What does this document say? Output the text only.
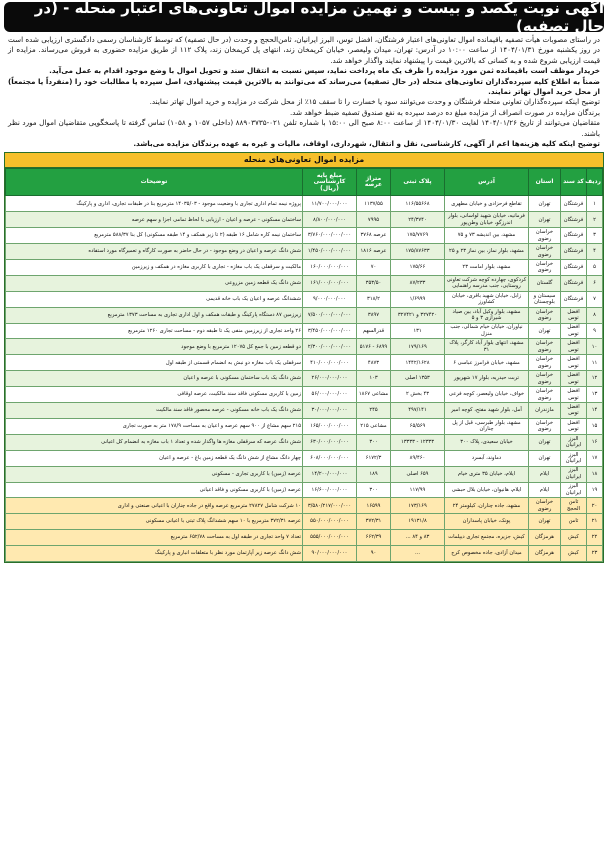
آگهی نوبت یکصد و بیست و نهمین مزایده اموال تعاونی‌های اعتبار منحله - (در حال تصفیه)

در راستای مصوبات هیأت تصفیه باقیمانده اموال تعاونی‌های اعتبار فرشتگان، افضل توس، البرز ایرانیان، ثامن‌الحجج و وحدت (در حال تصفیه) که توسط کارشناسان رسمی دادگستری ارزیابی شده است در روز یکشنبه مورخ ۱۴۰۴/۰۱/۳۱ از ساعت ۱۰:۰۰ در آدرس: تهران، میدان ولیعصر، خیابان کریمخان زند، انتهای پل کریمخان زند، پلاک ۱۱۲ از طریق مزایده حضوری به فروش می‌رساند. مزایده از قیمت ارزیابی شروع شده و به کسانی که بالاترین قیمت را پیشنهاد نمایند واگذار خواهد شد.

خریدار موظف است باقیمانده ثمن مورد مزایده را ظرف یک ماه پرداخت نماید، سپس نسبت به انتقال سند و تحویل اموال با وضع موجود اقدام به عمل می‌آید.

ضمناً به اطلاع کلیه سپرده‌گذاران تعاونی‌های منحله (در حال تصفیه) می‌رساند که می‌توانند به بالاترین قیمت پیشنهادی، اصل سپرده یا مطالبات خود را (منفرداً یا مجتمعاً) از محل خرید اموال تهاتر نمایند.

توضیح اینکه سپرده‌گذاران تعاونی منحله فرشتگان و وحدت می‌توانند سود یا خسارت را تا سقف ۱۵٪ از محل شرکت در مزایده و خرید اموال تهاتر نمایند.

برندگان مزایده در صورت انصراف از مزایده مبلغ ده درصد سپرده به نفع صندوق تصفیه ضبط خواهد شد.

متقاضیان می‌توانند از تاریخ ۱۴۰۴/۰۱/۲۶ لغایت ۱۴۰۴/۰۱/۳۰ از ساعت ۸:۰۰ صبح الی ۱۵:۰۰ با شماره تلفن ۰۲۱-۸۸۹۰۳۷۳۵ (داخلی ۱۰۵۷ و ۱۰۵۸) تماس گرفته تا پاسخگویی متقاضیان اموال مورد نظر باشند.

توضیح اینکه کلیه هزینه‌ها اعم از آگهی، کارشناسی، نقل و انتقال، شهرداری، اوقاف، مالیات و غیره به عهده برندگان مزایده می‌باشد.

مزایده اموال تعاونی‌های منحله
ردیف	کد سند	استان	آدرس	پلاک ثبتی	متراژ عرصه	مبلغ پایه کارشناسی (ریال)	توضیحات
۱	فرشتگان	تهران	تقاطع فرحزادی و خیابان مطهری	۱۱۶/۵۵۶۶۸	۱۱۳۷/۵۵	۱۱/۷۰۰/۰۰۰/۰۰۰	پروژه نیمه تمام اداری تجاری با وضعیت موجود - ۱۴۰۳۵/۰۳ مترمربع بنا در طبقات تجاری، اداری و پارکینگ
۲	فرشتگان	تهران	فرمانیه، خیابان شهید لواسانی، بلوار اندرزگو، خیابان وطن‌پور	۲۴/۳۷۴۰	۷۹۹۵	۸/۸۰۰/۰۰۰/۰۰۰	ساختمان مسکونی - عرصه و اعیان - ارزیابی با لحاظ تمامی اجزا و سهم عرصه
۳	فرشتگان	خراسان رضوی	مشهد، بین اندیشه ۷۳ و ۷۵	۱۷۵/۷۷۶۹	عرصه ۳۷۶۸	۳/۷۶۰/۰۰۰/۰۰۰/۰۰۰	ساختمان نیمه کاره شامل ۱۶ طبقه (۲ تا زیر همکف و ۱۴ طبقه مسکونی) کل بنا ۵۸۸/۳۷ مترمربع
۴	فرشتگان	خراسان رضوی	مشهد، بلوار نماز، بین نماز ۲۳ و ۲۵	۱۷۵/۸۷۶۳۳	عرصه ۱۸۱۶	۱/۴۵۰/۰۰۰/۰۰۰/۰۰۰	شش دانگ عرصه و اعیان در وضع موجود - در حال حاضر به صورت کارگاه و تعمیرگاه مورد استفاده
۵	فرشتگان	خراسان رضوی	مشهد، بلوار امامت ۲۳	۱۷۵/۶۶	۷۰	۱۶۰/۰۰۰/۰۰۰/۰۰۰	مالکیت و سرقفلی یک باب مغازه - تجاری با کاربری مغازه در همکف و زیرزمین
۶	فرشتگان	گلستان	کردکوی، چهارده کوچه شرکت تعاونی روستایی، جنب مدرسه راهنمایی	۸۷/۲۳۳	۳۵۳/۵۰	۱۶۱/۰۰۰/۰۰۰/۰۰۰	شش دانگ یک قطعه زمین مزروعی
۷	فرشتگان	سیستان و بلوچستان	زابل، خیابان شهید باقری، خیابان کشاورز	۱/۶۹۹۹	۳۱۸/۲	۹/۰۰۰/۰۰۰/۰۰۰	ششدانگ عرصه و اعیان یک باب خانه قدیمی
۸	افضل توس	خراسان رضوی	مشهد، بلوار وکیل آباد، بین صیاد شیرازی ۳ و ۵	۳۲۷۴۲۰ و ۳۲۷۴۲۱	۳۸۹۷	۷/۵۰۰/۰۰۰/۰۰۰/۰۰۰	زیرزمین ۸۷ دستگاه پارکینگ و طبقات همکف و اول اداری تجاری به مساحت ۱۳۷۳ مترمربع
۹	افضل توس	تهران	نیاوران، خیابان خیام شمالی، جنب منزل	۱۳۱	قدرالسهم	۳/۴۵۰/۰۰۰/۰۰۰/۰۰۰	۲۶ واحد تجاری از زیرزمین منفی یک تا طبقه دوم - مساحت تجاری ۱۲۶۰ مترمربع
۱۰	افضل توس	خراسان رضوی	مشهد، انتهای بلوار آباد کارگر، پلاک ۳۱	۱۷۹/۱۶۹	۶۸۹۹ - ۵۱۷۶	۲/۳۰۰/۰۰۰/۰۰۰/۰۰۰	دو قطعه زمین با جمع کل ۱۲۰۷۵ مترمربع با وضع موجود
۱۱	افضل توس	خراسان رضوی	مشهد، خیابان فرامرز عباسی ۶	۱۴۴۲/۱۶۲۸	۴۸۷۳	۴۱۰/۰۰۰/۰۰۰/۰۰۰	سرقفلی یک باب مغازه دو نبش به انضمام قسمتی از طبقه اول
۱۲	افضل توس	خراسان رضوی	تربت حیدریه، بلوار ۱۷ شهریور	۱۳۵۳ اصلی	۱۰۳	۲۶/۰۰۰/۰۰۰/۰۰۰	شش دانگ یک باب ساختمان مسکونی با عرصه و اعیان
۱۳	افضل توس	خراسان رضوی	خواف، خیابان ولیعصر، کوچه فرعی	۴۳ بخش ۲	مشاعی ۱۸۶۷	۵۶/۰۰۰/۰۰۰/۰۰۰	زمین با کاربری مسکونی فاقد سند مالکیت، عرصه اوقافی
۱۴	افضل توس	مازندران	آمل، بلوار شهید مفتح، کوچه امیر	۴۹۷/۱۴۱	۲۴۵	۳۰/۰۰۰/۰۰۰/۰۰۰	شش دانگ یک باب خانه مسکونی - عرصه محصور فاقد سند مالکیت
۱۵	افضل توس	خراسان رضوی	مشهد، بلوار طبرسی، قبل از پل چناران	۶۵/۵۶۹	مشاعی ۲۱۵	۱۶۵/۰۰۰/۰۰۰/۰۰۰	۲۱۵ سهم مشاع از ۹۰۰ سهم عرصه و اعیان به مساحت ۱۷۸/۹ متر به صورت تجاری
۱۶	البرز ایرانیان	تهران	خیابان سعیدی، پلاک ۳۰۰	۱۲۳۳۳ - ۱۳۳۳۳	۳۰۰	۶۳۰/۰۰۰/۰۰۰/۰۰۰	شش دانگ عرصه که سرقفلی مغازه ها واگذار شده و تعداد ۱ باب مغازه به انضمام کل اعیانی
۱۷	البرز ایرانیان	تهران	دماوند، آبسرد	۸۹/۴۶۰	۶۱۷۲/۳	۶۰۸/۰۰۰/۰۰۰/۰۰۰	چهار دانگ مشاع از شش دانگ یک قطعه زمین باغ - عرصه و اعیان
۱۸	البرز ایرانیان	ایلام	ایلام، خیابان ۳۵ متری خیام	۶۵۹ اصلی	۱۸۹	۱۴/۲۰۰/۰۰۰/۰۰۰	عرصه (زمین) با کاربری تجاری - مسکونی
۱۹	البرز ایرانیان	ایلام	ایلام، هانیوان، خیابان بلال حبشی	۱۱۷/۹۹	۳۰۰	۱۶/۶۰۰/۰۰۰/۰۰۰	عرصه (زمین) با کاربری مسکونی و فاقد اعیانی
۲۰	ثامن الحجج	خراسان رضوی	مشهد، جاده چناران، کیلومتر ۲۴	۱۷۳/۱۶۹	۱۶۵۹۹	۳/۵۸۰/۲۱۷/۰۰۰/۰۰۰	۱۰ شرکت شامل ۲۷۸۲۷ مترمربع عرصه واقع در جاده چناران با اعیانی صنعتی و اداری
۲۱	ثامن	تهران	پونک، خیابان پاسداران	۱۹۱۳۱/۸	۳۷۲/۳۱	۵۵۰/۰۰۰/۰۰۰/۰۰۰	عرصه ۳۷۲/۳۱ مترمربع با ۱۰ سهم ششدانگ پلاک ثبتی با اعیانی مسکونی
۲۲	کیش	هرمزگان	کیش، جزیره، مجتمع تجاری دیپلمات	۸۳ و ۸۴ ...	۶۶۲/۳۹	۵۵۵/۰۰۰/۰۰۰/۰۰۰	تعداد ۷ واحد تجاری در طبقه اول به مساحت ۶۵۲/۷۸ مترمربع
۲۳	کیش	هرمزگان	میدان آزادی، جاده مخصوص کرج	...	۹۰	۹۰/۰۰۰/۰۰۰/۰۰۰	شش دانگ عرصه زیر آپارتمان مورد نظر با متعلقات انباری و پارکینگ
